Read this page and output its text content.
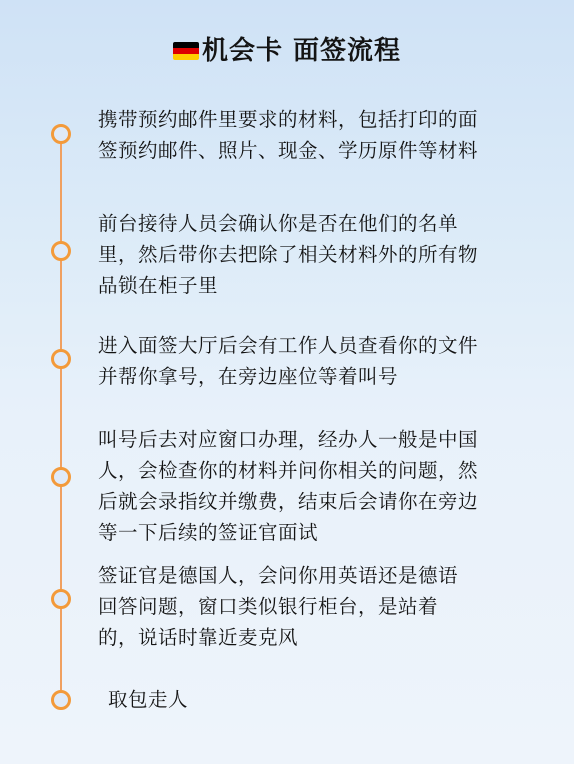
机会卡 面签流程
携带预约邮件里要求的材料，包括打印的面
签预约邮件、照片、现金、学历原件等材料
前台接待人员会确认你是否在他们的名单
里，然后带你去把除了相关材料外的所有物
品锁在柜子里
进入面签大厅后会有工作人员查看你的文件
并帮你拿号，在旁边座位等着叫号
叫号后去对应窗口办理，经办人一般是中国
人，会检查你的材料并问你相关的问题，然
后就会录指纹并缴费，结束后会请你在旁边
等一下后续的签证官面试
签证官是德国人，会问你用英语还是德语
回答问题，窗口类似银行柜台，是站着
的，说话时靠近麦克风
取包走人
